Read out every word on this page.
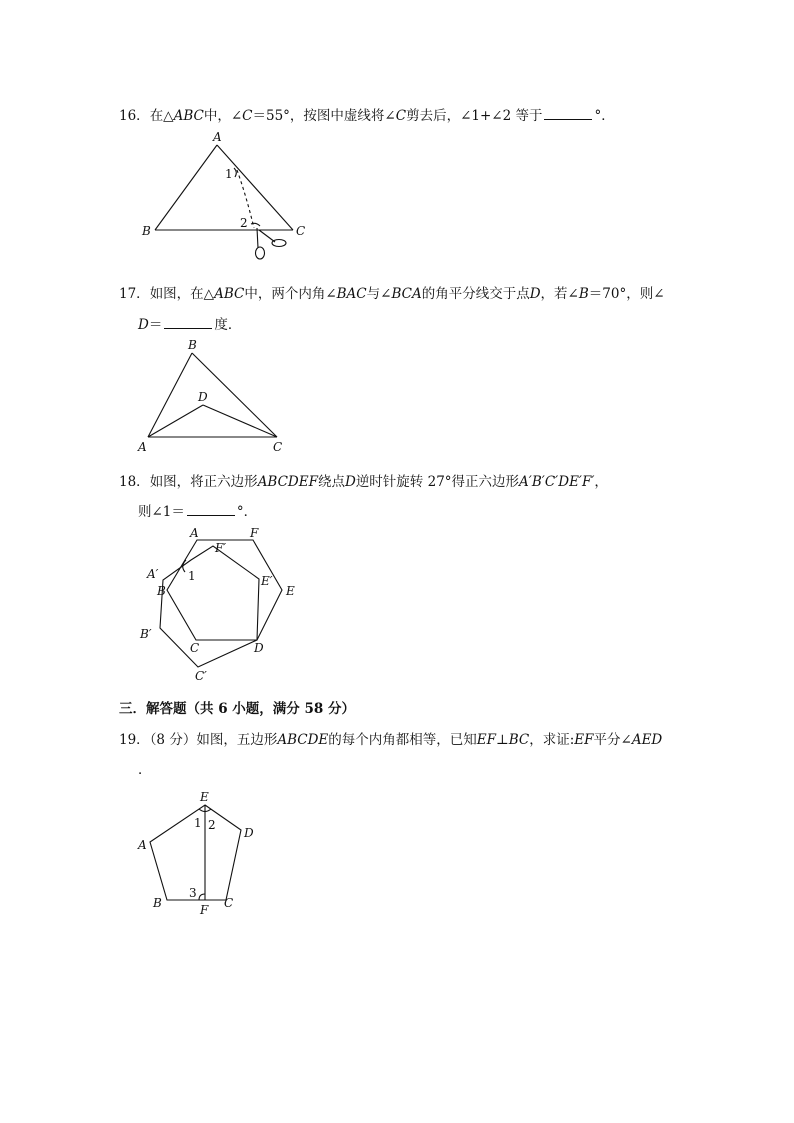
16．在△ABC中，∠C＝55°，按图中虚线将∠C剪去后，∠1+∠2 等于	°．
A
B	C
1
2
17．如图，在△ABC中，两个内角∠BAC与∠BCA的角平分线交于点D，若∠B＝70°，则∠
D＝	度．
B
D
A	C
18．如图，将正六边形ABCDEF绕点D逆时针旋转 27°得正六边形A′B′C′DE′F′，
则∠1＝	°．
A	F
F′
A′ 1	E′
B	E
B′
C	D
C′
三．解答题（共 6 小题，满分 58 分）
19．（8 分）如图，五边形ABCDE的每个内角都相等，已知EF⊥BC，求证:EF平分∠AED
．
E
D
A
1 2
3
B	F C
